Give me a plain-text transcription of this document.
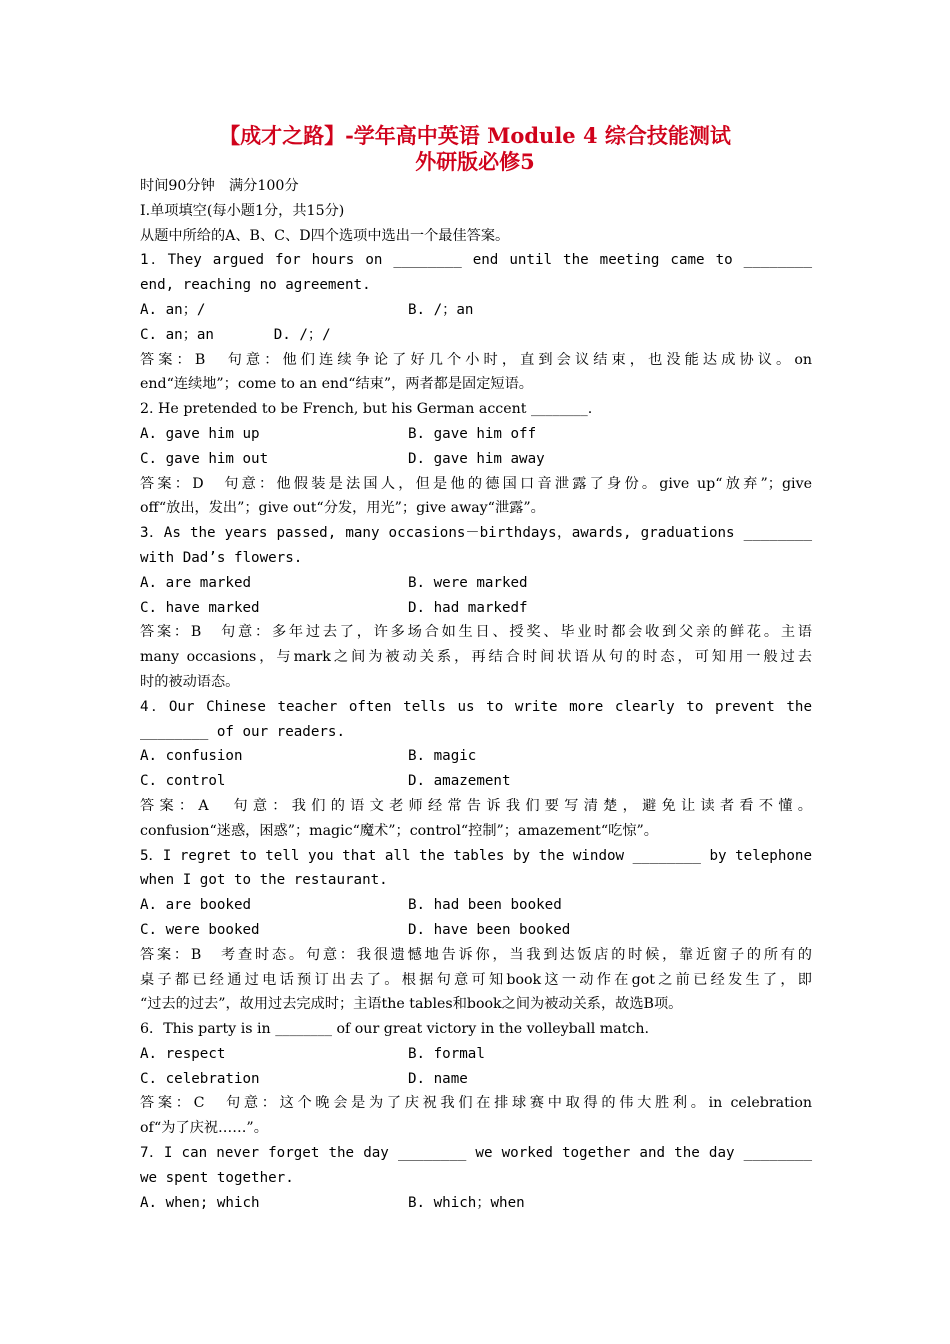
【成才之路】-学年高中英语 Module 4 综合技能测试
外研版必修5
时间90分钟　满分100分
Ⅰ.单项填空(每小题1分，共15分)
从题中所给的A、B、C、D四个选项中选出一个最佳答案。
1．They argued for hours on ________ end until the meeting came to ________
end, reaching no agreement.
A. an；/	B. /；an
C. an；an       D. /；/
答案：B　句意：他们连续争论了好几个小时，直到会议结束，也没能达成协议。on
end“连续地”；come to an end“结束”，两者都是固定短语。
2. He pretended to be French, but his German accent ________.
A. gave him up	B. gave him off
C. gave him out	D. gave him away
答案：D　句意：他假装是法国人，但是他的德国口音泄露了身份。give up“放弃”；give
off“放出，发出”；give out“分发，用光”；give away“泄露”。
3．As the years passed, many occasions－birthdays，awards, graduations ________
with Dad’s flowers.
A. are marked	B. were marked
C. have marked	D. had markedf
答案：B　句意：多年过去了，许多场合如生日、授奖、毕业时都会收到父亲的鲜花。主语
many occasions，与mark之间为被动关系，再结合时间状语从句的时态，可知用一般过去
时的被动语态。
4．Our Chinese teacher often tells us to write more clearly to prevent the
________ of our readers.
A. confusion	B. magic
C. control	D. amazement
答案：A　句意：我们的语文老师经常告诉我们要写清楚，避免让读者看不懂。
confusion“迷惑，困惑”；magic“魔术”；control“控制”；amazement“吃惊”。
5．I regret to tell you that all the tables by the window ________ by telephone
when I got to the restaurant.
A. are booked	B. had been booked
C. were booked	D. have been booked
答案：B　考查时态。句意：我很遗憾地告诉你，当我到达饭店的时候，靠近窗子的所有的
桌子都已经通过电话预订出去了。根据句意可知book这一动作在got之前已经发生了，即
“过去的过去”，故用过去完成时；主语the tables和book之间为被动关系，故选B项。
6．This party is in ________ of our great victory in the volleyball match.
A. respect	B. formal
C. celebration	D. name
答案：C　句意：这个晚会是为了庆祝我们在排球赛中取得的伟大胜利。in celebration
of“为了庆祝……”。
7．I can never forget the day ________ we worked together and the day ________
we spent together.
A. when; which	B. which；when
